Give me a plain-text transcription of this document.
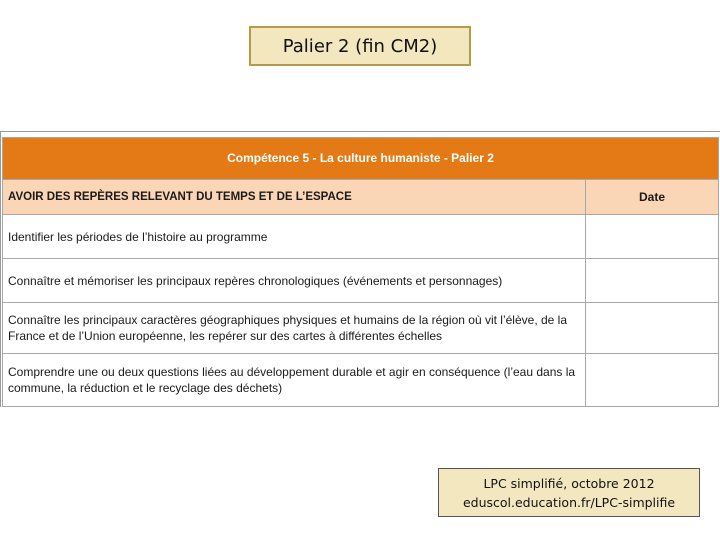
Palier 2 (fin CM2)
Compétence 5 - La culture humaniste - Palier 2	
AVOIR DES REPÈRES RELEVANT DU TEMPS ET DE L’ESPACE	Date
Identifier les périodes de l’histoire au programme	
Connaître et mémoriser les principaux repères chronologiques (événements et personnages)	
Connaître les principaux caractères géographiques physiques et humains de la région où vit l’élève, de la France et de l’Union européenne, les repérer sur des cartes à différentes échelles	
Comprendre une ou deux questions liées au développement durable et agir en conséquence (l’eau dans la commune, la réduction et le recyclage des déchets)	
LPC simplifié, octobre 2012
eduscol.education.fr/LPC-simplifie
